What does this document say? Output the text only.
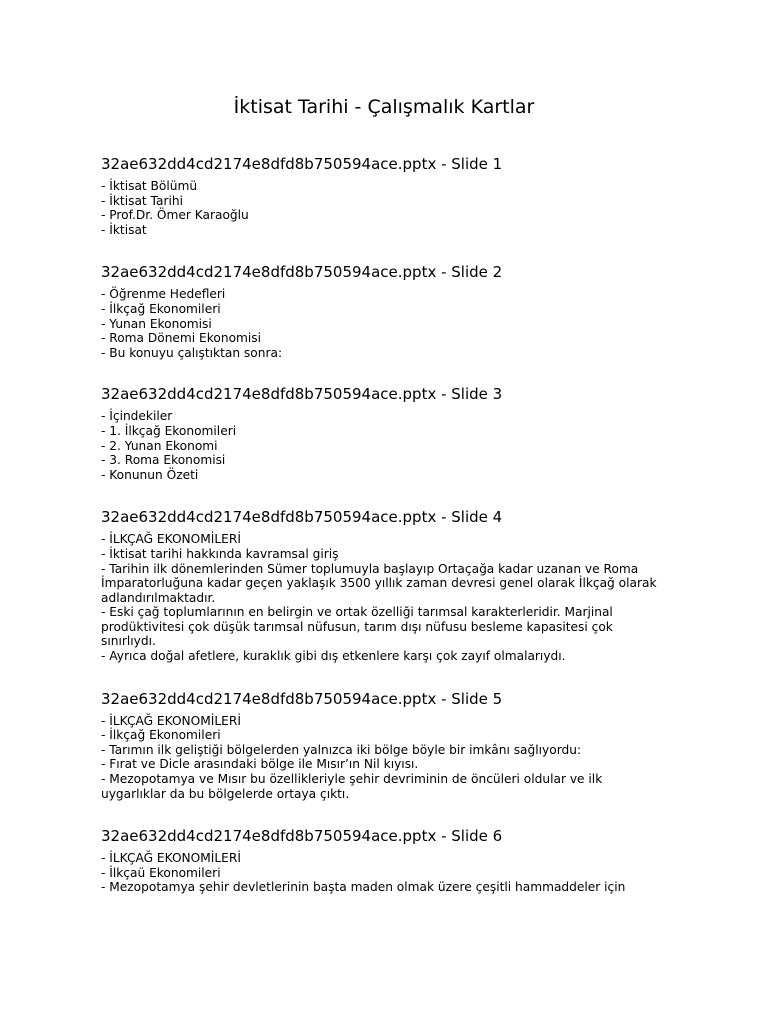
İktisat Tarihi - Çalışmalık Kartlar
32ae632dd4cd2174e8dfd8b750594ace.pptx - Slide 1
- İktisat Bölümü
- İktisat Tarihi
- Prof.Dr. Ömer Karaoğlu
- İktisat
32ae632dd4cd2174e8dfd8b750594ace.pptx - Slide 2
- Öğrenme Hedefleri
- İlkçağ Ekonomileri
- Yunan Ekonomisi
- Roma Dönemi Ekonomisi
- Bu konuyu çalıştıktan sonra:
32ae632dd4cd2174e8dfd8b750594ace.pptx - Slide 3
- İçindekiler
- 1. İlkçağ Ekonomileri
- 2. Yunan Ekonomi
- 3. Roma Ekonomisi
- Konunun Özeti
32ae632dd4cd2174e8dfd8b750594ace.pptx - Slide 4
- İLKÇAĞ EKONOMİLERİ
- İktisat tarihi hakkında kavramsal giriş
- Tarihin ilk dönemlerinden Sümer toplumuyla başlayıp Ortaçağa kadar uzanan ve Roma İmparatorluğuna kadar geçen yaklaşık 3500 yıllık zaman devresi genel olarak İlkçağ olarak adlandırılmaktadır.
- Eski çağ toplumlarının en belirgin ve ortak özelliği tarımsal karakterleridir. Marjinal prodüktivitesi çok düşük tarımsal nüfusun, tarım dışı nüfusu besleme kapasitesi çok sınırlıydı.
- Ayrıca doğal afetlere, kuraklık gibi dış etkenlere karşı çok zayıf olmalarıydı.
32ae632dd4cd2174e8dfd8b750594ace.pptx - Slide 5
- İLKÇAĞ EKONOMİLERİ
- İlkçağ Ekonomileri
- Tarımın ilk geliştiği bölgelerden yalnızca iki bölge böyle bir imkânı sağlıyordu:
- Fırat ve Dicle arasındaki bölge ile Mısır’ın Nil kıyısı.
- Mezopotamya ve Mısır bu özellikleriyle şehir devriminin de öncüleri oldular ve ilk uygarlıklar da bu bölgelerde ortaya çıktı.
32ae632dd4cd2174e8dfd8b750594ace.pptx - Slide 6
- İLKÇAĞ EKONOMİLERİ
- İlkçaü Ekonomileri
- Mezopotamya şehir devletlerinin başta maden olmak üzere çeşitli hammaddeler için
